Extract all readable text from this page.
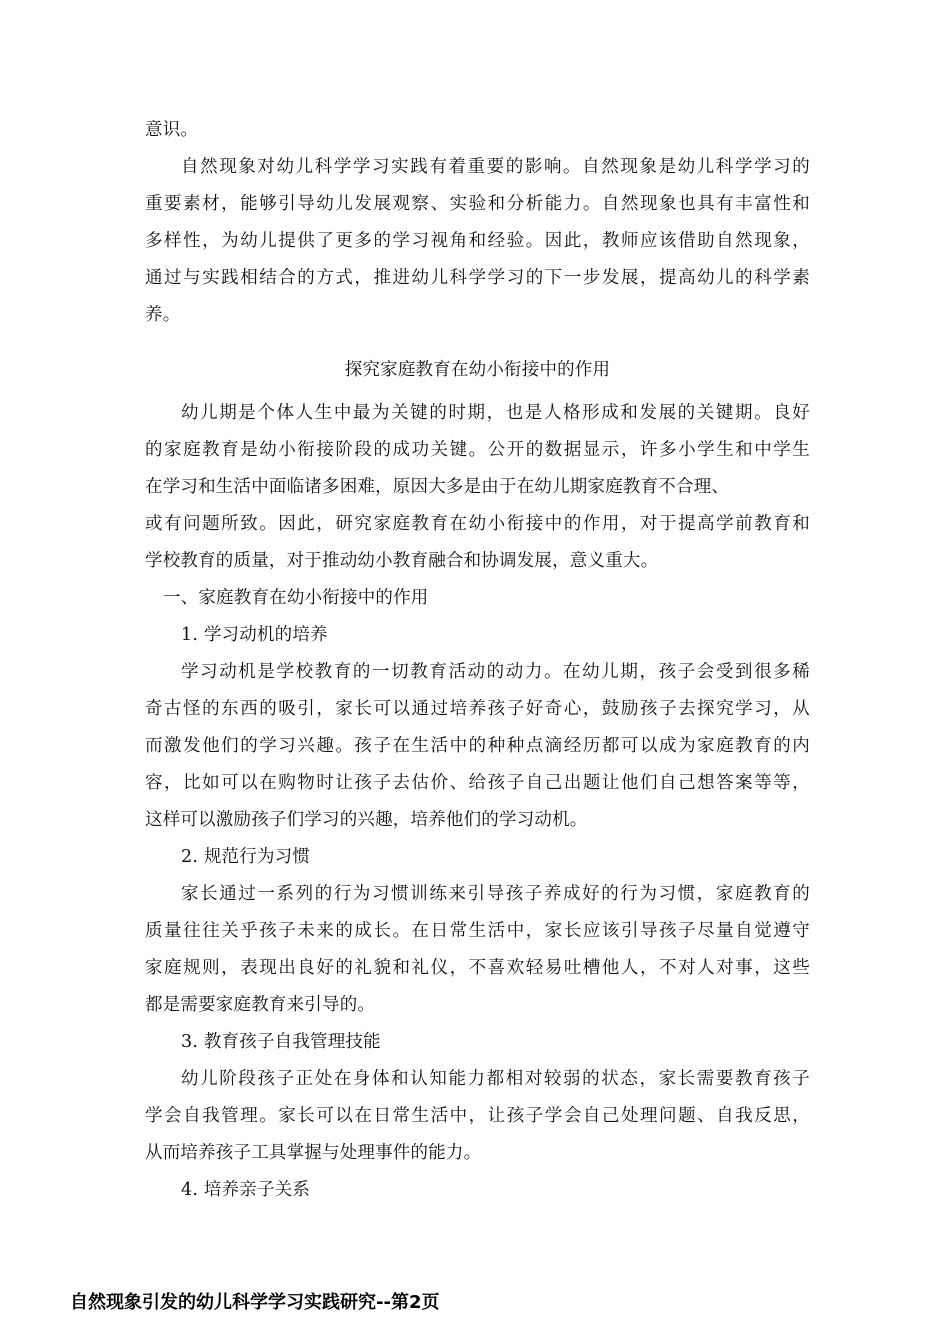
意识。
自然现象对幼儿科学学习实践有着重要的影响。自然现象是幼儿科学学习的
重要素材，能够引导幼儿发展观察、实验和分析能力。自然现象也具有丰富性和
多样性，为幼儿提供了更多的学习视角和经验。因此，教师应该借助自然现象，
通过与实践相结合的方式，推进幼儿科学学习的下一步发展，提高幼儿的科学素
养。
探究家庭教育在幼小衔接中的作用
幼儿期是个体人生中最为关键的时期，也是人格形成和发展的关键期。良好
的家庭教育是幼小衔接阶段的成功关键。公开的数据显示，许多小学生和中学生
在学习和生活中面临诸多困难，原因大多是由于在幼儿期家庭教育不合理、
或有问题所致。因此，研究家庭教育在幼小衔接中的作用，对于提高学前教育和
学校教育的质量，对于推动幼小教育融合和协调发展，意义重大。
一、家庭教育在幼小衔接中的作用
1. 学习动机的培养
学习动机是学校教育的一切教育活动的动力。在幼儿期，孩子会受到很多稀
奇古怪的东西的吸引，家长可以通过培养孩子好奇心，鼓励孩子去探究学习，从
而激发他们的学习兴趣。孩子在生活中的种种点滴经历都可以成为家庭教育的内
容，比如可以在购物时让孩子去估价、给孩子自己出题让他们自己想答案等等，
这样可以激励孩子们学习的兴趣，培养他们的学习动机。
2. 规范行为习惯
家长通过一系列的行为习惯训练来引导孩子养成好的行为习惯，家庭教育的
质量往往关乎孩子未来的成长。在日常生活中，家长应该引导孩子尽量自觉遵守
家庭规则，表现出良好的礼貌和礼仪，不喜欢轻易吐槽他人，不对人对事，这些
都是需要家庭教育来引导的。
3. 教育孩子自我管理技能
幼儿阶段孩子正处在身体和认知能力都相对较弱的状态，家长需要教育孩子
学会自我管理。家长可以在日常生活中，让孩子学会自己处理问题、自我反思，
从而培养孩子工具掌握与处理事件的能力。
4. 培养亲子关系
自然现象引发的幼儿科学学习实践研究--第2页
